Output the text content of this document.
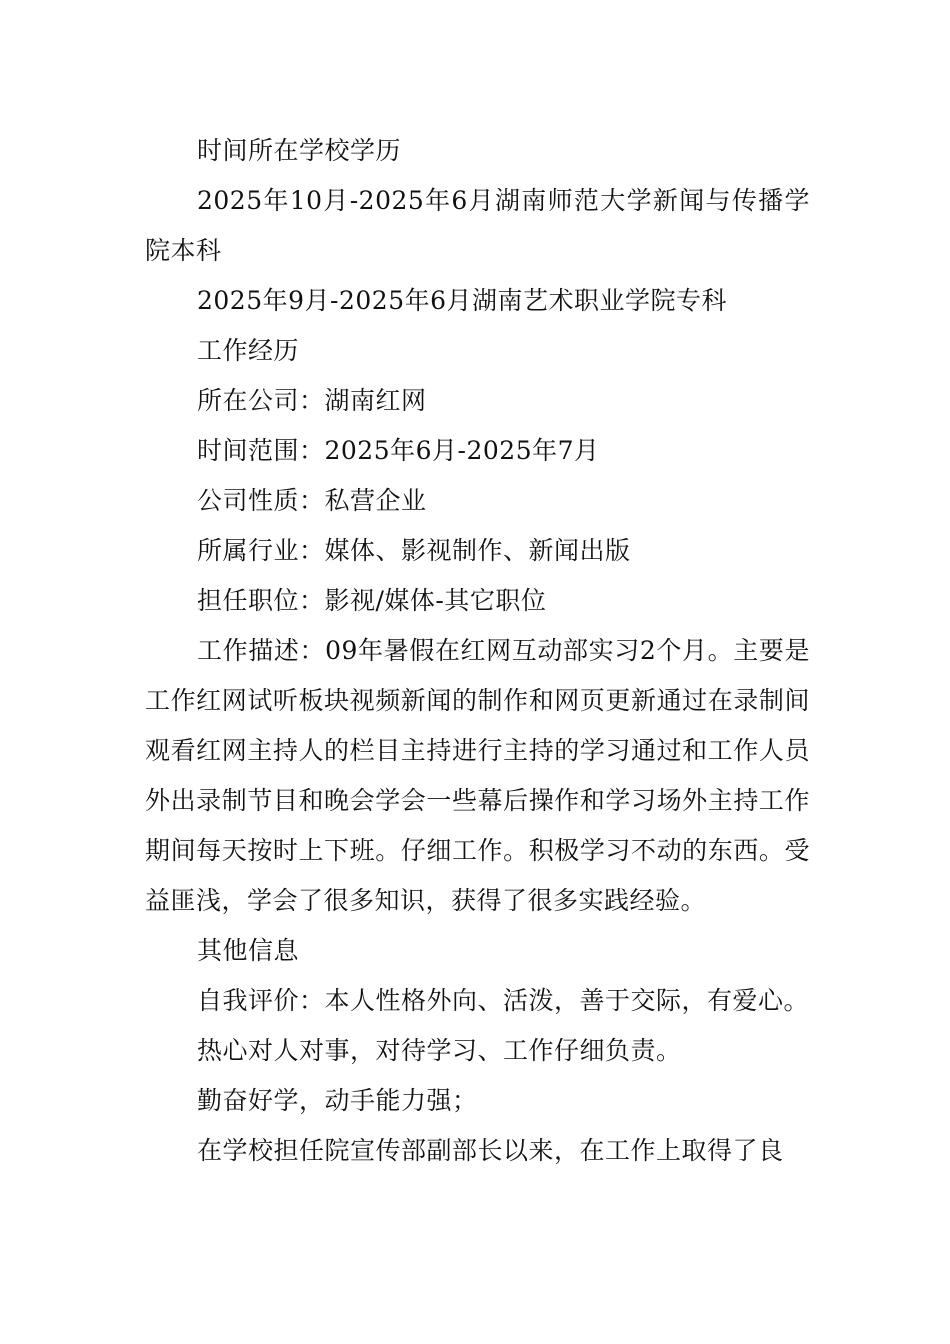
时间所在学校学历

2025年10月-2025年6月湖南师范大学新闻与传播学院本科

2025年9月-2025年6月湖南艺术职业学院专科

工作经历

所在公司：湖南红网

时间范围：2025年6月-2025年7月

公司性质：私营企业

所属行业：媒体、影视制作、新闻出版

担任职位：影视/媒体-其它职位

工作描述：09年暑假在红网互动部实习2个月。主要是工作红网试听板块视频新闻的制作和网页更新通过在录制间观看红网主持人的栏目主持进行主持的学习通过和工作人员外出录制节目和晚会学会一些幕后操作和学习场外主持工作期间每天按时上下班。仔细工作。积极学习不动的东西。受益匪浅，学会了很多知识，获得了很多实践经验。

其他信息

自我评价：本人性格外向、活泼，善于交际，有爱心。

热心对人对事，对待学习、工作仔细负责。

勤奋好学，动手能力强；

在学校担任院宣传部副部长以来，在工作上取得了良
